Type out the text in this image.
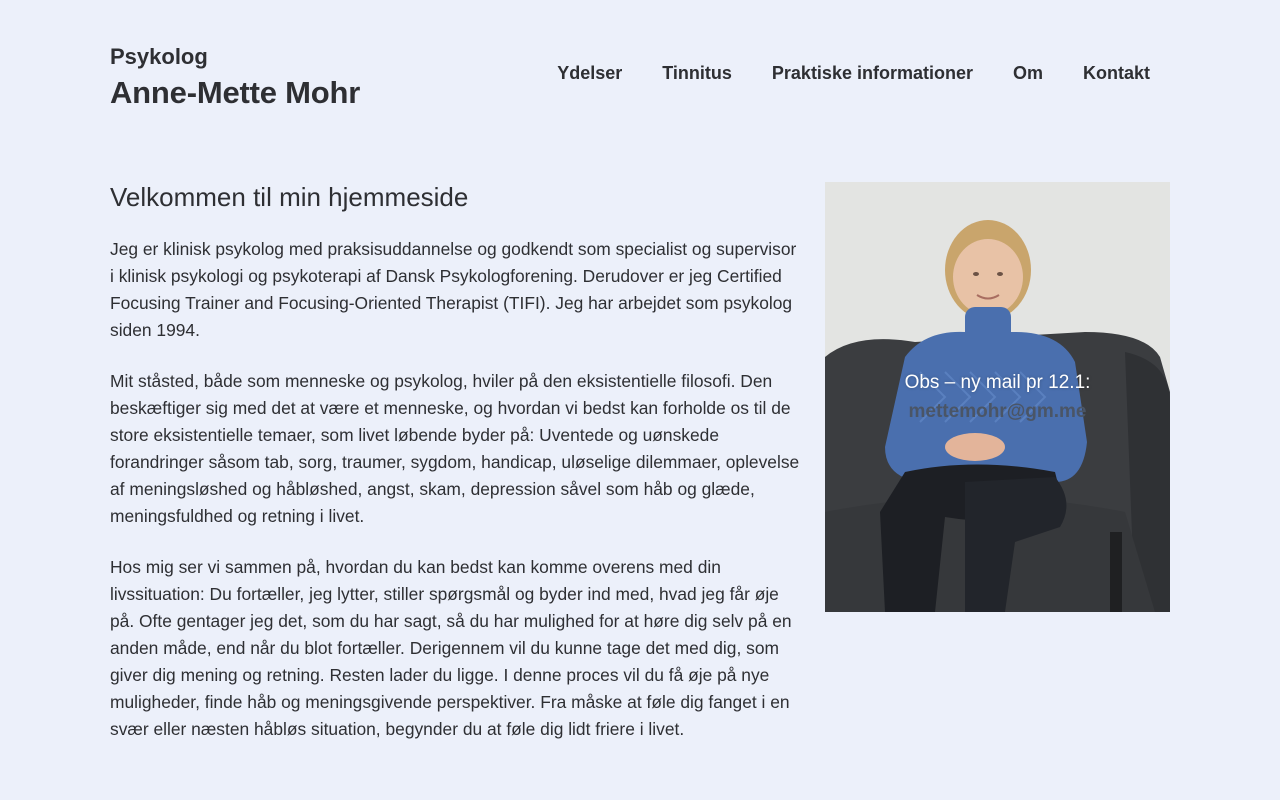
Psykolog
Anne-Mette Mohr
Ydelser Tinnitus Praktiske informationer Om Kontakt
Velkommen til min hjemmeside

Jeg er klinisk psykolog med praksisuddannelse og godkendt som specialist og supervisor i klinisk psykologi og psykoterapi af Dansk Psykologforening. Derudover er jeg Certified Focusing Trainer and Focusing-Oriented Therapist (TIFI). Jeg har arbejdet som psykolog siden 1994.

Mit ståsted, både som menneske og psykolog, hviler på den eksistentielle filosofi. Den beskæftiger sig med det at være et menneske, og hvordan vi bedst kan forholde os til de store eksistentielle temaer, som livet løbende byder på: Uventede og uønskede forandringer såsom tab, sorg, traumer, sygdom, handicap, uløselige dilemmaer, oplevelse af meningsløshed og håbløshed, angst, skam, depression såvel som håb og glæde, meningsfuldhed og retning i livet.

Hos mig ser vi sammen på, hvordan du kan bedst kan komme overens med din livssituation: Du fortæller, jeg lytter, stiller spørgsmål og byder ind med, hvad jeg får øje på. Ofte gentager jeg det, som du har sagt, så du har mulighed for at høre dig selv på en anden måde, end når du blot fortæller. Derigennem vil du kunne tage det med dig, som giver dig mening og retning. Resten lader du ligge. I denne proces vil du få øje på nye muligheder, finde håb og meningsgivende perspektiver. Fra måske at føle dig fanget i en svær eller næsten håbløs situation, begynder du at føle dig lidt friere i livet.

Obs – ny mail pr 12.1:
mettemohr@gm.me
